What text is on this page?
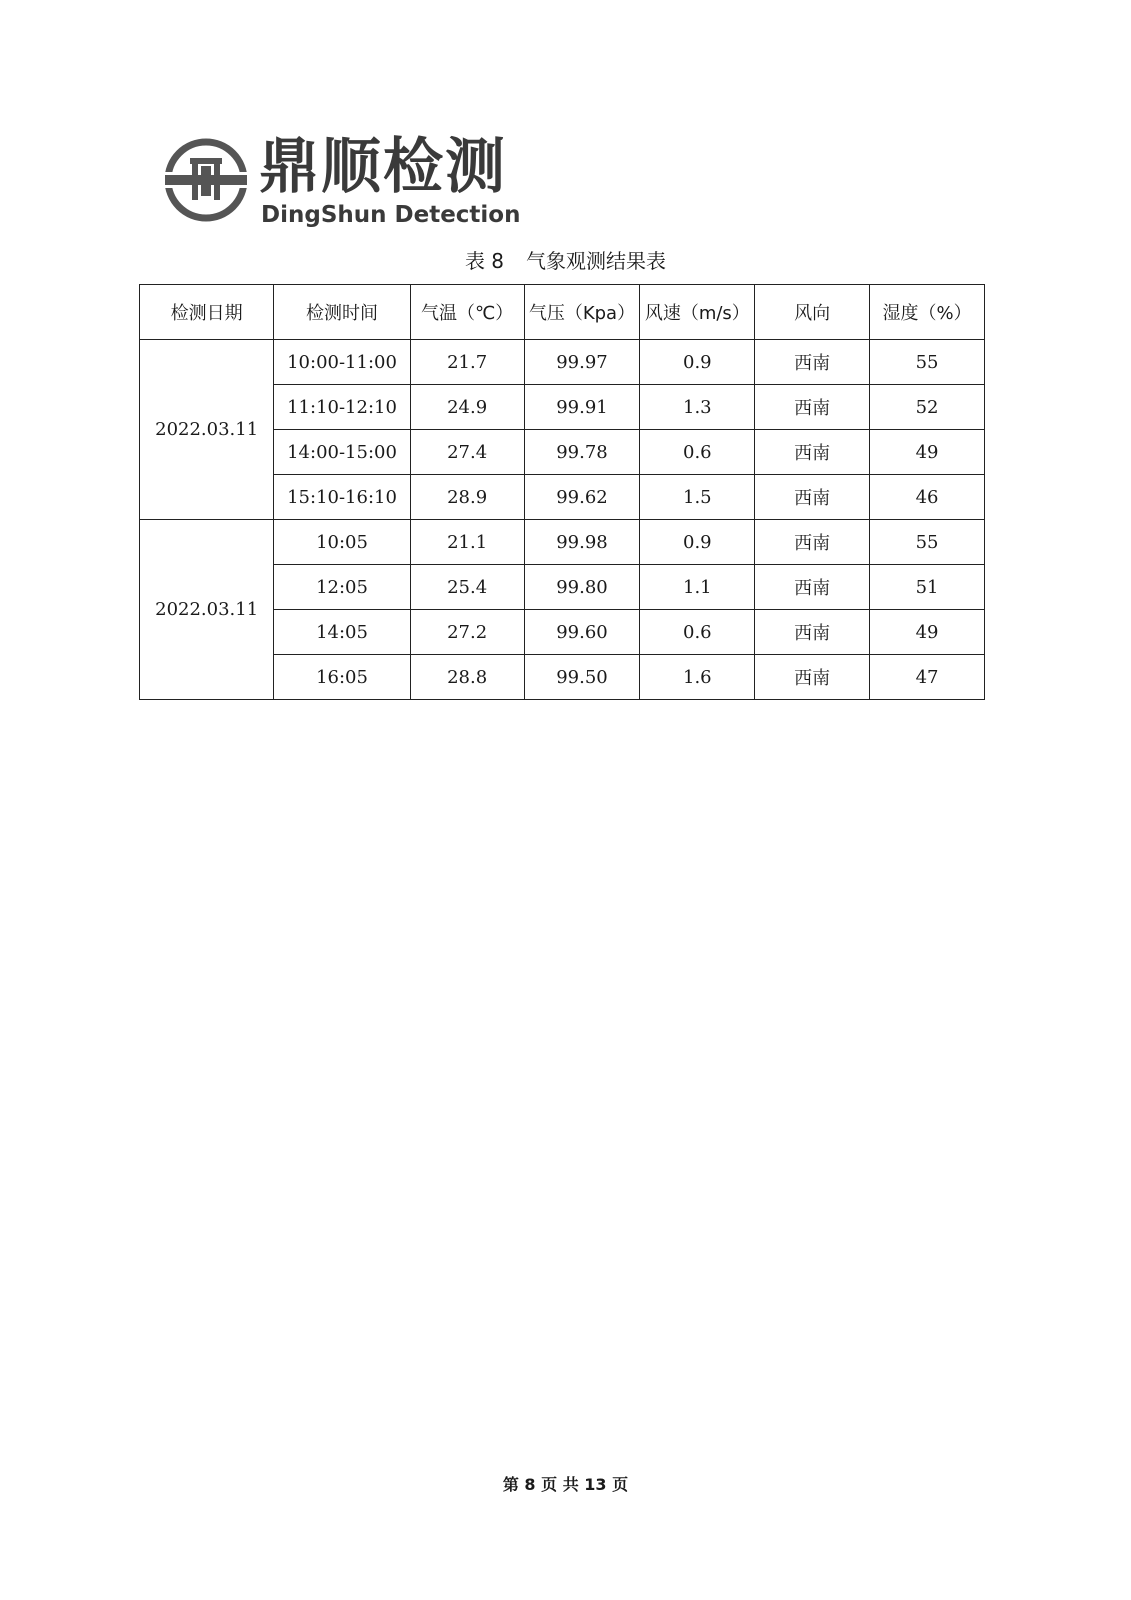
鼎顺检测
DingShun Detection
表 8 气象观测结果表
检测日期	检测时间	气温（℃）	气压（Kpa）	风速（m/s）	风向	湿度（%）
2022.03.11	10:00-11:00	21.7	99.97	0.9	西南	55
	11:10-12:10	24.9	99.91	1.3	西南	52
	14:00-15:00	27.4	99.78	0.6	西南	49
	15:10-16:10	28.9	99.62	1.5	西南	46
2022.03.11	10:05	21.1	99.98	0.9	西南	55
	12:05	25.4	99.80	1.1	西南	51
	14:05	27.2	99.60	0.6	西南	49
	16:05	28.8	99.50	1.6	西南	47
第 8 页 共 13 页
